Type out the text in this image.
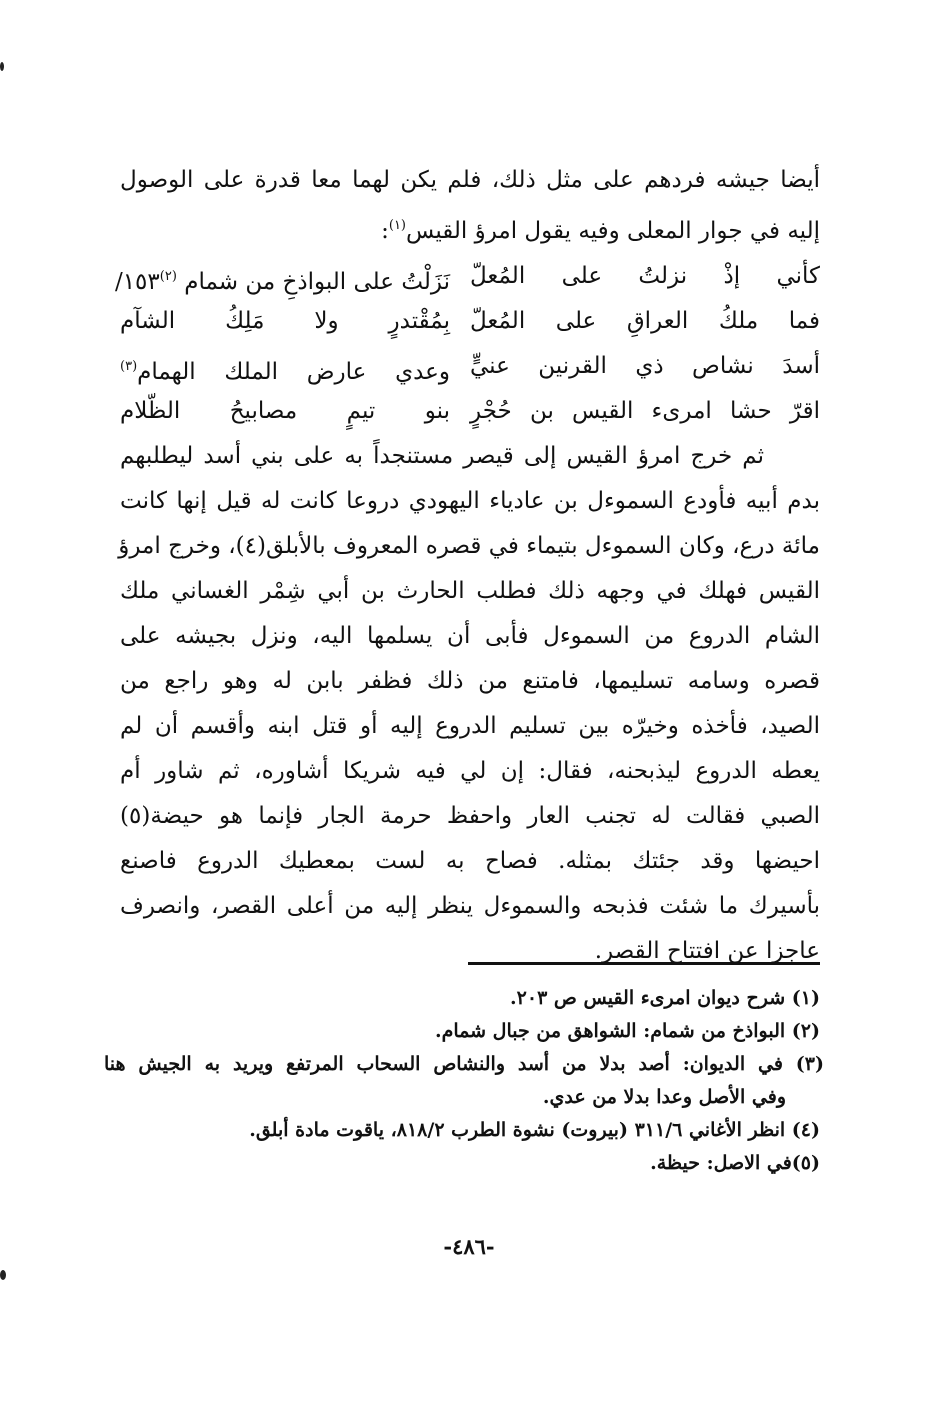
أيضا جيشه فردهم على مثل ذلك، فلم يكن لهما معا قدرة على الوصول
إليه في جوار المعلى وفيه يقول امرؤ القيس$^{(١)}$:
كأني إذْ نزلتُ على المُعلّ
نَزَلْتُ على البواذخِ من شمام $^{(٢)}$١٥٣/
فما ملكُ العراقِ على المُعلّ
بِمُقْتدرٍ ولا مَلِكُ الشآم
أسدَ نشاص ذي القرنين عنيٍّ
وعدي عارض الملك الهمام$^{(٣)}$
اقرّ حشا امرىء القيس بن حُجْرٍ
بنو تيمٍ مصابيحُ الظّلام
ثم خرج امرؤ القيس إلى قيصر مستنجداً به على بني أسد ليطلبهم
بدم أبيه فأودع السموءل بن عادياء اليهودي دروعا كانت له قيل إنها كانت
مائة درع، وكان السموءل بتيماء في قصره المعروف بالأبلق(٤)، وخرج امرؤ
القيس فهلك في وجهه ذلك فطلب الحارث بن أبي شِمْر الغساني ملك
الشام الدروع من السموءل فأبى أن يسلمها اليه، ونزل بجيشه على
قصره وسامه تسليمها، فامتنع من ذلك فظفر بابن له وهو راجع من
الصيد، فأخذه وخيرّه بين تسليم الدروع إليه أو قتل ابنه وأقسم أن لم
يعطه الدروع ليذبحنه، فقال: إن لي فيه شريكا أشاوره، ثم شاور أم
الصبي فقالت له تجنب العار واحفظ حرمة الجار فإنما هو حيضة(٥)
احيضها وقد جئتك بمثله. فصاح به لست بمعطيك الدروع فاصنع
بأسيرك ما شئت فذبحه والسموءل ينظر إليه من أعلى القصر، وانصرف
عاجزا عن افتتاح القصر.
(١) شرح ديوان امرىء القيس ص ٢٠٣.
(٢) البواذخ من شمام: الشواهق من جبال شمام.
(٣) في الديوان: أصد بدلا من أسد والنشاص السحاب المرتفع ويريد به الجيش هنا
وفي الأصل وعدا بدلا من عدي.
(٤) انظر الأغاني ٣١١/٦ (بيروت) نشوة الطرب ٨١٨/٢، ياقوت مادة أبلق.
(٥)في الاصل: حيظة.
-٤٨٦-
